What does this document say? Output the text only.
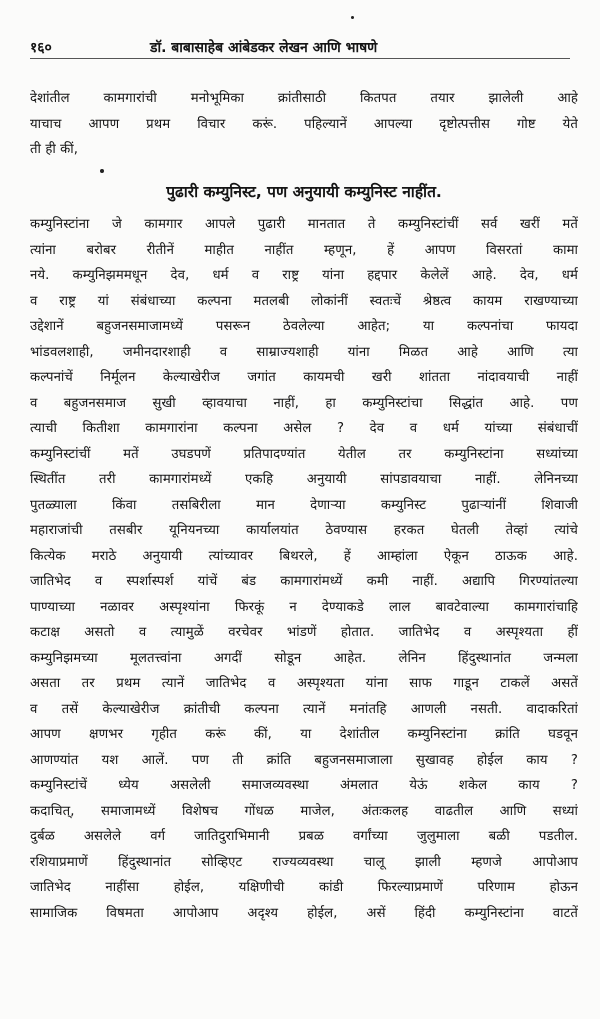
१६०	डॉ. बाबासाहेब आंबेडकर लेखन आणि भाषणे
देशांतील कामगारांची मनोभूमिका क्रांतीसाठी कितपत तयार झालेली आहे
याचाच आपण प्रथम विचार करूं. पहिल्यानें आपल्या दृष्टोत्पत्तीस गोष्ट येते
ती ही कीं,
पुढारी कम्युनिस्ट, पण अनुयायी कम्युनिस्ट नाहींत.
कम्युनिस्टांना जे कामगार आपले पुढारी मानतात ते कम्युनिस्टांचीं सर्व खरीं मतें
त्यांना बरोबर रीतीनें माहीत नाहींत म्हणून, हें आपण विसरतां कामा
नये. कम्युनिझममधून देव, धर्म व राष्ट्र यांना हद्दपार केलेलें आहे. देव, धर्म
व राष्ट्र यां संबंधाच्या कल्पना मतलबी लोकांनीं स्वतःचें श्रेष्ठत्व कायम राखण्याच्या
उद्देशानें बहुजनसमाजामध्यें पसरून ठेवलेल्या आहेत; या कल्पनांचा फायदा
भांडवलशाही, जमीनदारशाही व साम्राज्यशाही यांना मिळत आहे आणि त्या
कल्पनांचें निर्मूलन केल्याखेरीज जगांत कायमची खरी शांतता नांदावयाची नाहीं
व बहुजनसमाज सुखी व्हावयाचा नाहीं, हा कम्युनिस्टांचा सिद्धांत आहे. पण
त्याची कितीशा कामगारांना कल्पना असेल ? देव व धर्म यांच्या संबंधाचीं
कम्युनिस्टांचीं मतें उघडपणें प्रतिपादण्यांत येतील तर कम्युनिस्टांना सध्यांच्या
स्थितींत तरी कामगारांमध्यें एकहि अनुयायी सांपडावयाचा नाहीं. लेनिनच्या
पुतळ्याला किंवा तसबिरीला मान देणाऱ्या कम्युनिस्ट पुढाऱ्यांनीं शिवाजी
महाराजांची तसबीर यूनियनच्या कार्यालयांत ठेवण्यास हरकत घेतली तेव्हां त्यांचे
कित्येक मराठे अनुयायी त्यांच्यावर बिथरले, हें आम्हांला ऐकून ठाऊक आहे.
जातिभेद व स्पर्शास्पर्श यांचें बंड कामगारांमध्यें कमी नाहीं. अद्यापि गिरण्यांतल्या
पाण्याच्या नळावर अस्पृश्यांना फिरकूं न देण्याकडे लाल बावटेवाल्या कामगारांचाहि
कटाक्ष असतो व त्यामुळें वरचेवर भांडणें होतात. जातिभेद व अस्पृश्यता हीं
कम्युनिझमच्या मूलतत्त्वांना अगदीं सोडून आहेत. लेनिन हिंदुस्थानांत जन्मला
असता तर प्रथम त्यानें जातिभेद व अस्पृश्यता यांना साफ गाडून टाकलें असतें
व तसें केल्याखेरीज क्रांतीची कल्पना त्यानें मनांतहि आणली नसती. वादाकरितां
आपण क्षणभर गृहीत करूं कीं, या देशांतील कम्युनिस्टांना क्रांति घडवून
आणण्यांत यश आलें. पण ती क्रांति बहुजनसमाजाला सुखावह होईल काय ?
कम्युनिस्टांचें ध्येय असलेली समाजव्यवस्था अंमलात येऊं शकेल काय ?
कदाचित्, समाजामध्यें विशेषच गोंधळ माजेल, अंतःकलह वाढतील आणि सध्यां
दुर्बळ असलेले वर्ग जातिदुराभिमानी प्रबळ वर्गांच्या जुलुमाला बळी पडतील.
रशियाप्रमाणें हिंदुस्थानांत सोव्हिएट राज्यव्यवस्था चालू झाली म्हणजे आपोआप
जातिभेद नाहींसा होईल, यक्षिणीची कांडी फिरल्याप्रमाणें परिणाम होऊन
सामाजिक विषमता आपोआप अदृश्य होईल, असें हिंदी कम्युनिस्टांना वाटतें
